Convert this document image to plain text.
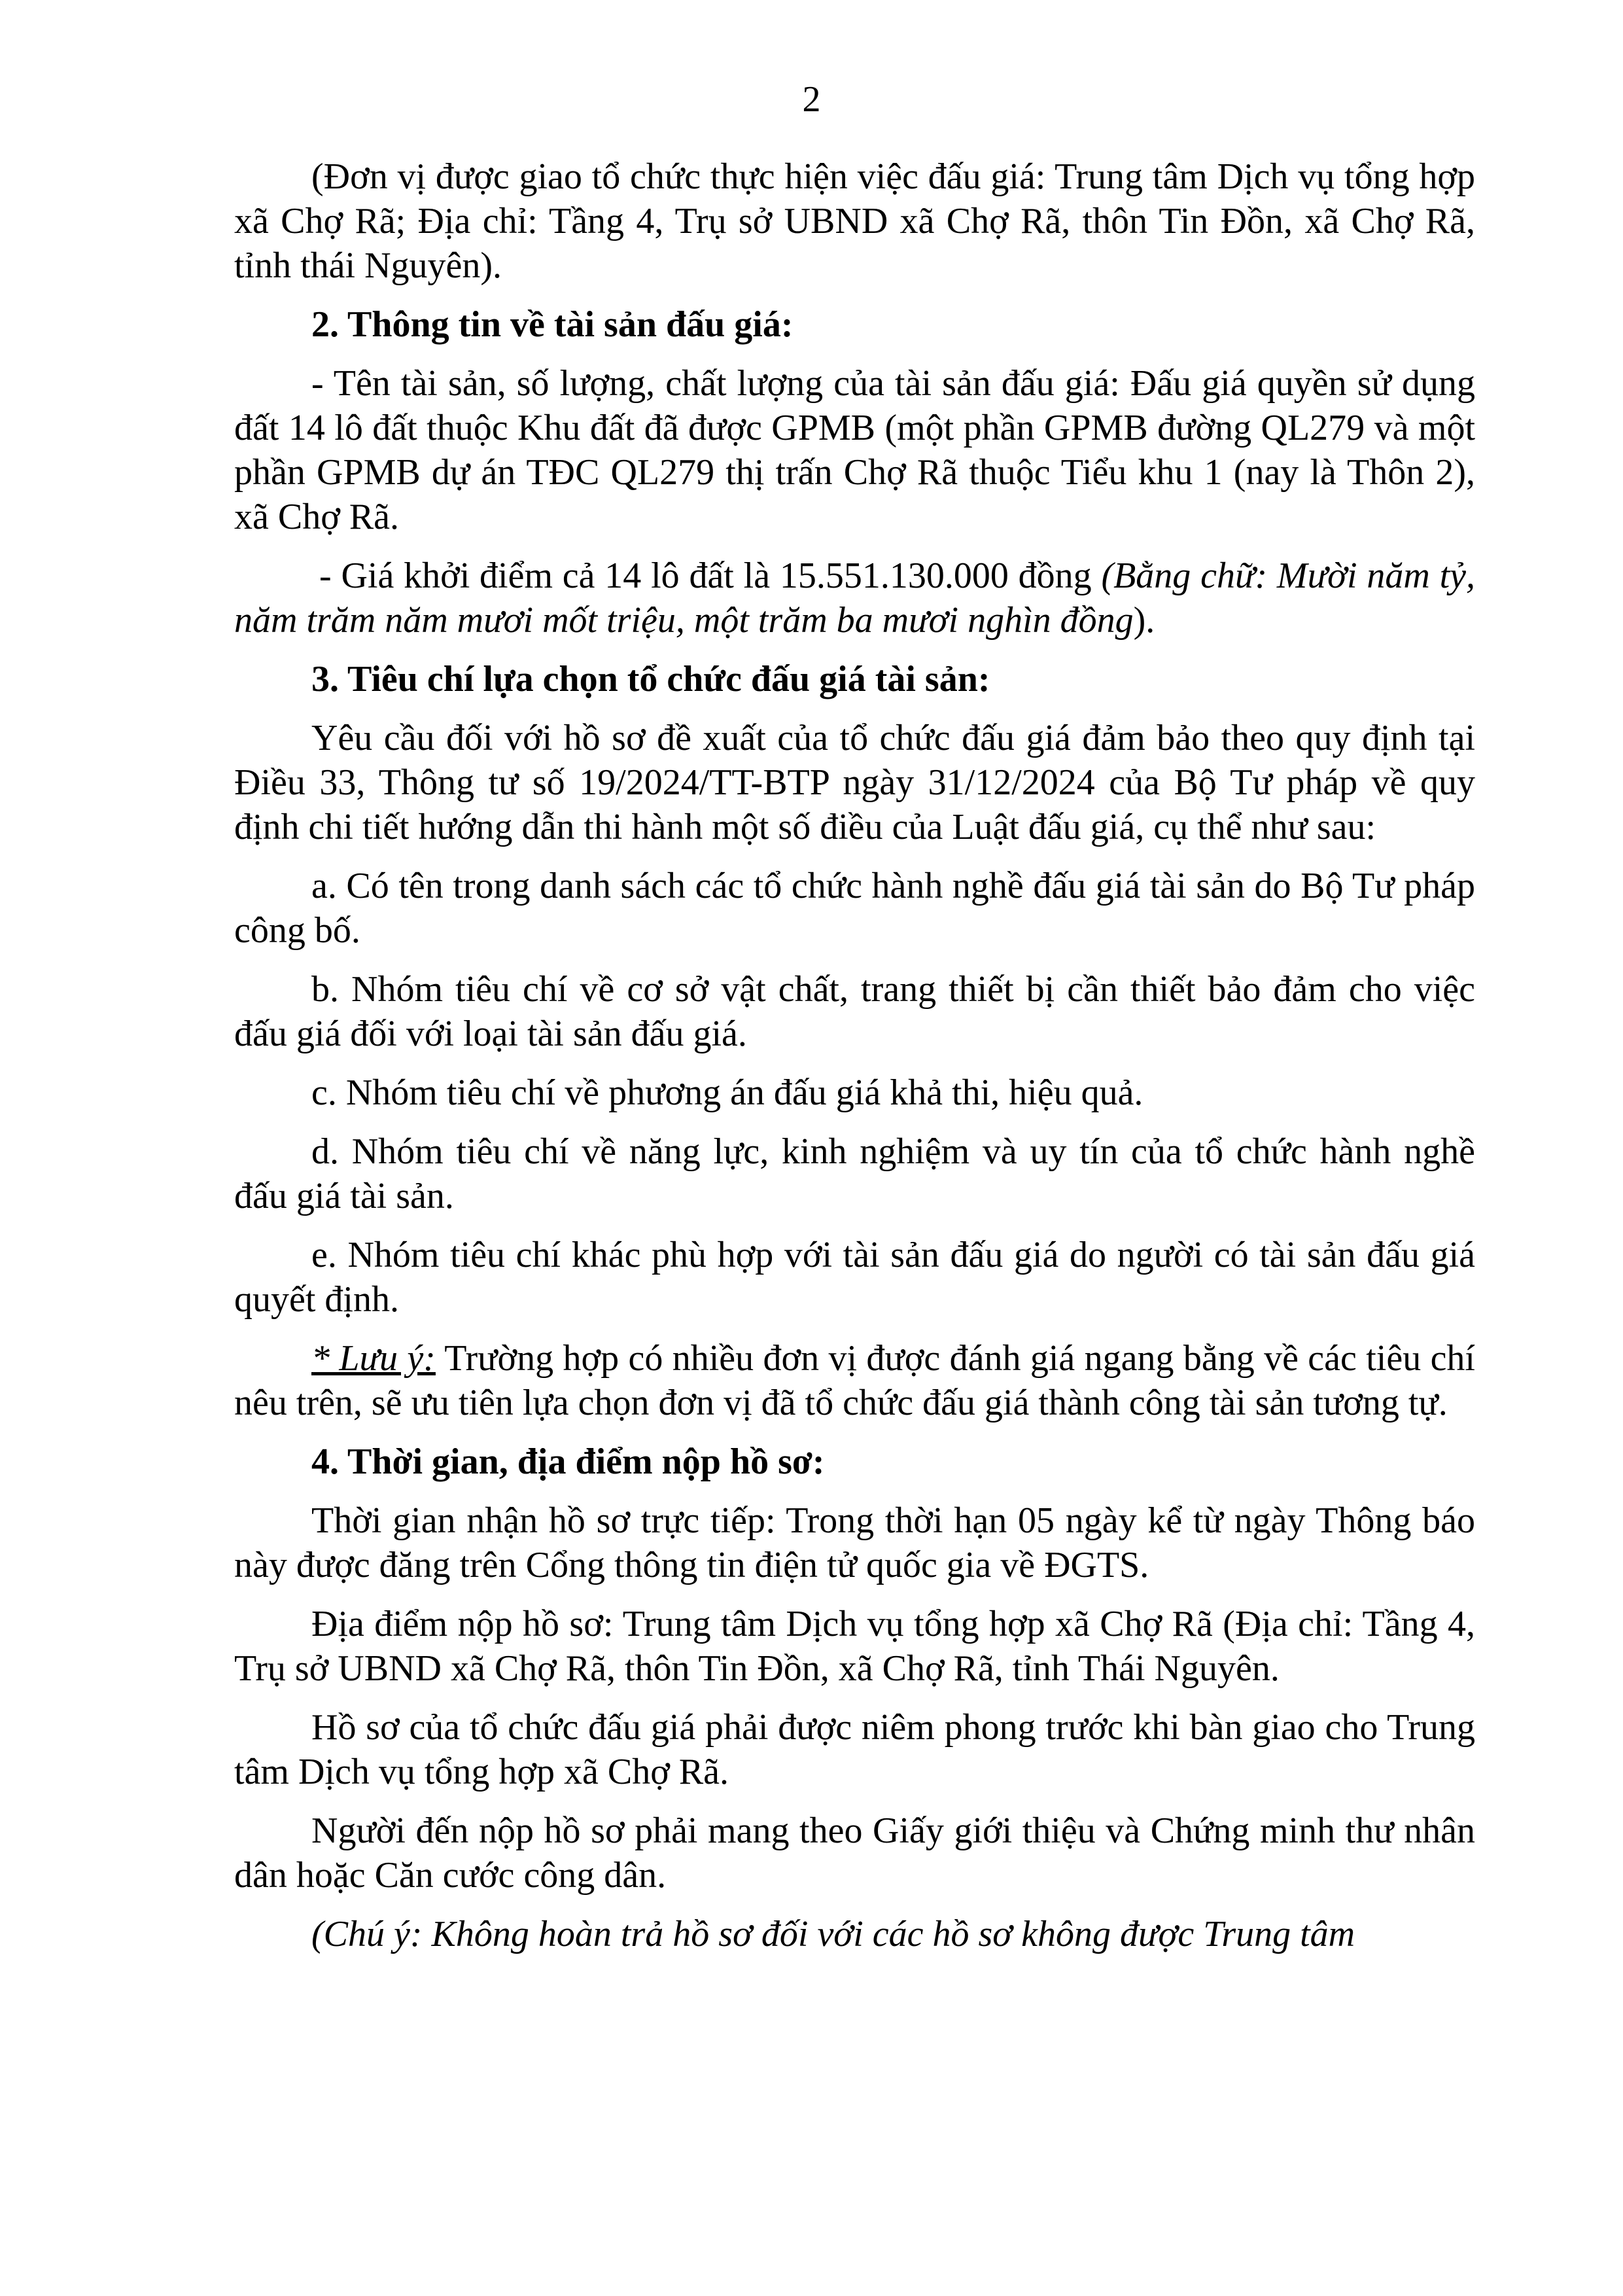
2

(Đơn vị được giao tổ chức thực hiện việc đấu giá: Trung tâm Dịch vụ tổng hợp xã Chợ Rã; Địa chỉ: Tầng 4, Trụ sở UBND xã Chợ Rã, thôn Tin Đồn, xã Chợ Rã, tỉnh thái Nguyên).

2. Thông tin về tài sản đấu giá:

- Tên tài sản, số lượng, chất lượng của tài sản đấu giá: Đấu giá quyền sử dụng đất 14 lô đất thuộc Khu đất đã được GPMB (một phần GPMB đường QL279 và một phần GPMB dự án TĐC QL279 thị trấn Chợ Rã thuộc Tiểu khu 1 (nay là Thôn 2), xã Chợ Rã.

- Giá khởi điểm cả 14 lô đất là 15.551.130.000 đồng (Bằng chữ: Mười năm tỷ, năm trăm năm mươi mốt triệu, một trăm ba mươi nghìn đồng).

3. Tiêu chí lựa chọn tổ chức đấu giá tài sản:

Yêu cầu đối với hồ sơ đề xuất của tổ chức đấu giá đảm bảo theo quy định tại Điều 33, Thông tư số 19/2024/TT-BTP ngày 31/12/2024 của Bộ Tư pháp về quy định chi tiết hướng dẫn thi hành một số điều của Luật đấu giá, cụ thể như sau:

a. Có tên trong danh sách các tổ chức hành nghề đấu giá tài sản do Bộ Tư pháp công bố.

b. Nhóm tiêu chí về cơ sở vật chất, trang thiết bị cần thiết bảo đảm cho việc đấu giá đối với loại tài sản đấu giá.

c. Nhóm tiêu chí về phương án đấu giá khả thi, hiệu quả.

d. Nhóm tiêu chí về năng lực, kinh nghiệm và uy tín của tổ chức hành nghề đấu giá tài sản.

e. Nhóm tiêu chí khác phù hợp với tài sản đấu giá do người có tài sản đấu giá quyết định.

* Lưu ý: Trường hợp có nhiều đơn vị được đánh giá ngang bằng về các tiêu chí nêu trên, sẽ ưu tiên lựa chọn đơn vị đã tổ chức đấu giá thành công tài sản tương tự.

4. Thời gian, địa điểm nộp hồ sơ:

Thời gian nhận hồ sơ trực tiếp: Trong thời hạn 05 ngày kể từ ngày Thông báo này được đăng trên Cổng thông tin điện tử quốc gia về ĐGTS.

Địa điểm nộp hồ sơ: Trung tâm Dịch vụ tổng hợp xã Chợ Rã (Địa chỉ: Tầng 4, Trụ sở UBND xã Chợ Rã, thôn Tin Đồn, xã Chợ Rã, tỉnh Thái Nguyên.

Hồ sơ của tổ chức đấu giá phải được niêm phong trước khi bàn giao cho Trung tâm Dịch vụ tổng hợp xã Chợ Rã.

Người đến nộp hồ sơ phải mang theo Giấy giới thiệu và Chứng minh thư nhân dân hoặc Căn cước công dân.

(Chú ý: Không hoàn trả hồ sơ đối với các hồ sơ không được Trung tâm
